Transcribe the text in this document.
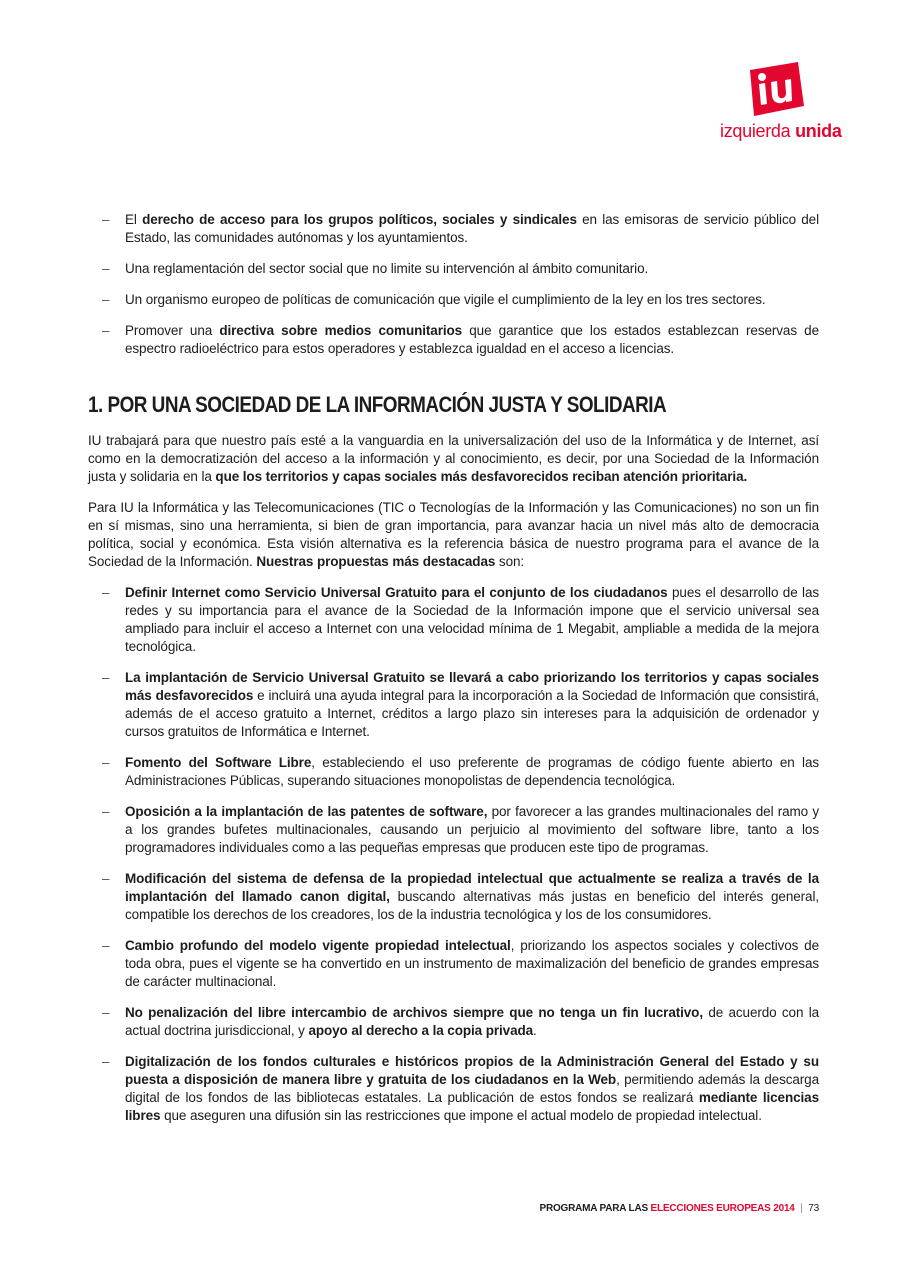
izquierda unida
– El derecho de acceso para los grupos políticos, sociales y sindicales en las emisoras de servicio público del Estado, las comunidades autónomas y los ayuntamientos.
– Una reglamentación del sector social que no limite su intervención al ámbito comunitario.
– Un organismo europeo de políticas de comunicación que vigile el cumplimiento de la ley en los tres sectores.
– Promover una directiva sobre medios comunitarios que garantice que los estados establezcan reservas de espectro radioeléctrico para estos operadores y establezca igualdad en el acceso a licencias.
1. POR UNA SOCIEDAD DE LA INFORMACIÓN JUSTA Y SOLIDARIA

IU trabajará para que nuestro país esté a la vanguardia en la universalización del uso de la Informática y de Internet, así como en la democratización del acceso a la información y al conocimiento, es decir, por una Sociedad de la Información justa y solidaria en la que los territorios y capas sociales más desfavorecidos reciban atención prioritaria.

Para IU la Informática y las Telecomunicaciones (TIC o Tecnologías de la Información y las Comunicaciones) no son un fin en sí mismas, sino una herramienta, si bien de gran importancia, para avanzar hacia un nivel más alto de democracia política, social y económica. Esta visión alternativa es la referencia básica de nuestro programa para el avance de la Sociedad de la Información. Nuestras propuestas más destacadas son:

– Definir Internet como Servicio Universal Gratuito para el conjunto de los ciudadanos pues el desarrollo de las redes y su importancia para el avance de la Sociedad de la Información impone que el servicio universal sea ampliado para incluir el acceso a Internet con una velocidad mínima de 1 Megabit, ampliable a medida de la mejora tecnológica.
– La implantación de Servicio Universal Gratuito se llevará a cabo priorizando los territorios y capas sociales más desfavorecidos e incluirá una ayuda integral para la incorporación a la Sociedad de Información que consistirá, además de el acceso gratuito a Internet, créditos a largo plazo sin intereses para la adquisición de ordenador y cursos gratuitos de Informática e Internet.
– Fomento del Software Libre, estableciendo el uso preferente de programas de código fuente abierto en las Administraciones Públicas, superando situaciones monopolistas de dependencia tecnológica.
– Oposición a la implantación de las patentes de software, por favorecer a las grandes multinacionales del ramo y a los grandes bufetes multinacionales, causando un perjuicio al movimiento del software libre, tanto a los programadores individuales como a las pequeñas empresas que producen este tipo de programas.
– Modificación del sistema de defensa de la propiedad intelectual que actualmente se realiza a través de la implantación del llamado canon digital, buscando alternativas más justas en beneficio del interés general, compatible los derechos de los creadores, los de la industria tecnológica y los de los consumidores.
– Cambio profundo del modelo vigente propiedad intelectual, priorizando los aspectos sociales y colectivos de toda obra, pues el vigente se ha convertido en un instrumento de maximalización del beneficio de grandes empresas de carácter multinacional.
– No penalización del libre intercambio de archivos siempre que no tenga un fin lucrativo, de acuerdo con la actual doctrina jurisdiccional, y apoyo al derecho a la copia privada.
– Digitalización de los fondos culturales e históricos propios de la Administración General del Estado y su puesta a disposición de manera libre y gratuita de los ciudadanos en la Web, permitiendo además la descarga digital de los fondos de las bibliotecas estatales. La publicación de estos fondos se realizará mediante licencias libres que aseguren una difusión sin las restricciones que impone el actual modelo de propiedad intelectual.
PROGRAMA PARA LAS ELECCIONES EUROPEAS 2014 | 73
